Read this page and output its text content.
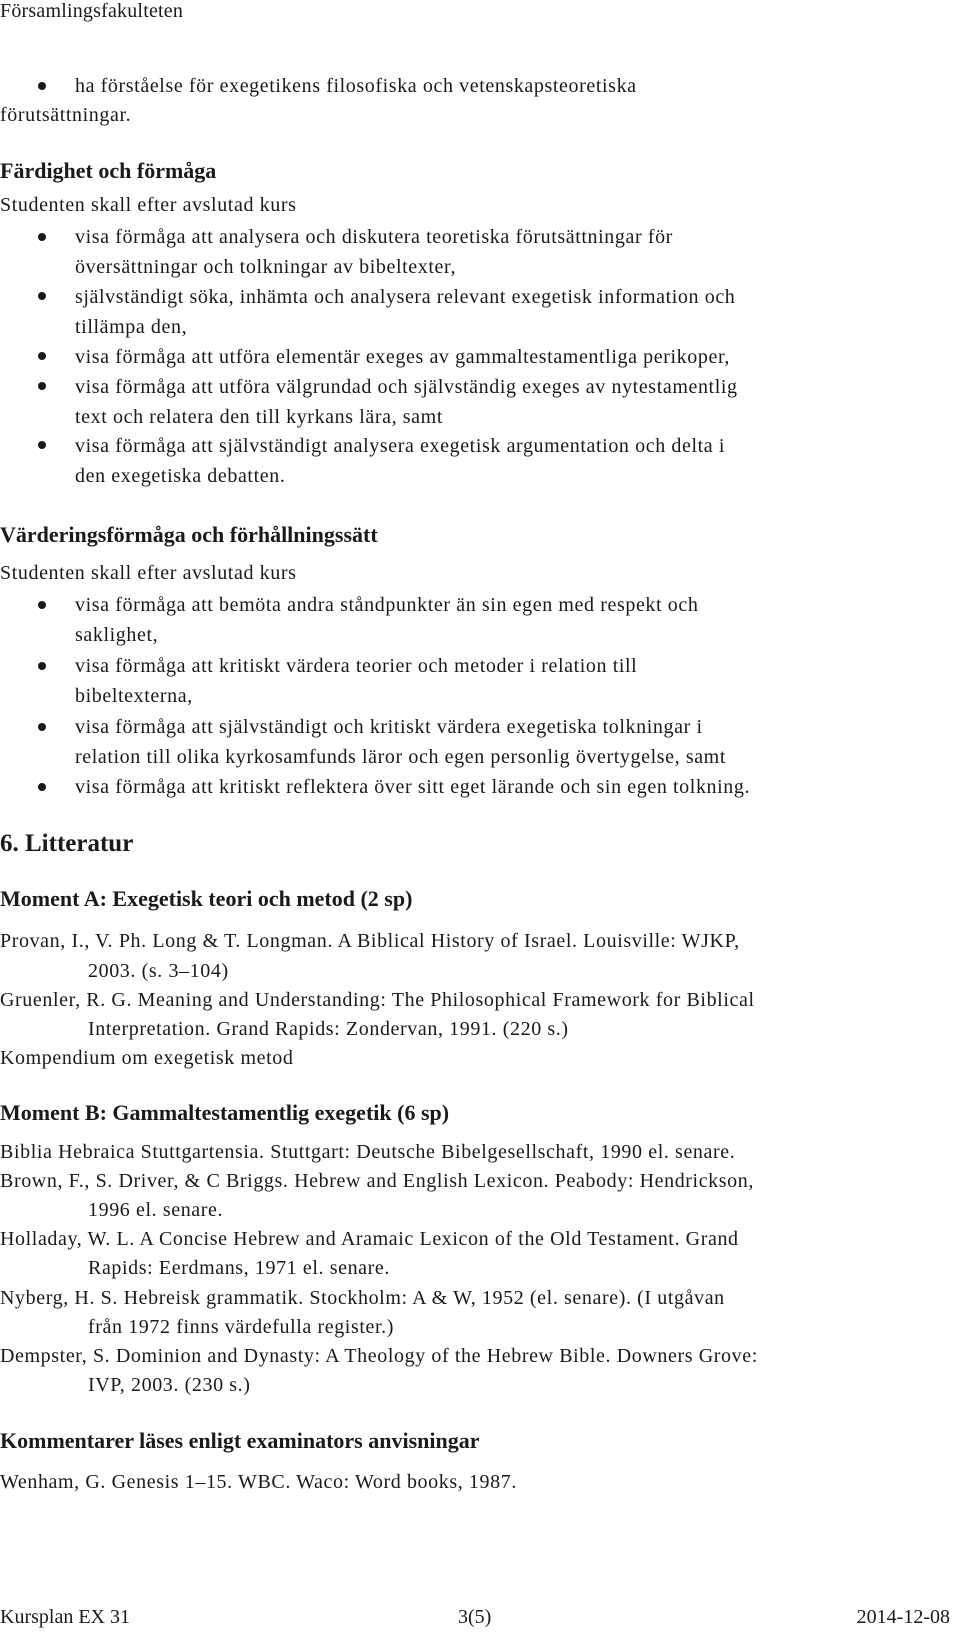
Församlingsfakulteten
ha förståelse för exegetikens filosofiska och vetenskapsteoretiska
förutsättningar.
Färdighet och förmåga
Studenten skall efter avslutad kurs
visa förmåga att analysera och diskutera teoretiska förutsättningar för
översättningar och tolkningar av bibeltexter,
självständigt söka, inhämta och analysera relevant exegetisk information och
tillämpa den,
visa förmåga att utföra elementär exeges av gammaltestamentliga perikoper,
visa förmåga att utföra välgrundad och självständig exeges av nytestamentlig
text och relatera den till kyrkans lära, samt
visa förmåga att självständigt analysera exegetisk argumentation och delta i
den exegetiska debatten.
Värderingsförmåga och förhållningssätt
Studenten skall efter avslutad kurs
visa förmåga att bemöta andra ståndpunkter än sin egen med respekt och
saklighet,
visa förmåga att kritiskt värdera teorier och metoder i relation till
bibeltexterna,
visa förmåga att självständigt och kritiskt värdera exegetiska tolkningar i
relation till olika kyrkosamfunds läror och egen personlig övertygelse, samt
visa förmåga att kritiskt reflektera över sitt eget lärande och sin egen tolkning.
6. Litteratur
Moment A: Exegetisk teori och metod (2 sp)
Provan, I., V. Ph. Long & T. Longman. A Biblical History of Israel. Louisville: WJKP,
2003. (s. 3–104)
Gruenler, R. G. Meaning and Understanding: The Philosophical Framework for Biblical
Interpretation. Grand Rapids: Zondervan, 1991. (220 s.)
Kompendium om exegetisk metod
Moment B: Gammaltestamentlig exegetik (6 sp)
Biblia Hebraica Stuttgartensia. Stuttgart: Deutsche Bibelgesellschaft, 1990 el. senare.
Brown, F., S. Driver, & C Briggs. Hebrew and English Lexicon. Peabody: Hendrickson,
1996 el. senare.
Holladay, W. L. A Concise Hebrew and Aramaic Lexicon of the Old Testament. Grand
Rapids: Eerdmans, 1971 el. senare.
Nyberg, H. S. Hebreisk grammatik. Stockholm: A & W, 1952 (el. senare). (I utgåvan
från 1972 finns värdefulla register.)
Dempster, S. Dominion and Dynasty: A Theology of the Hebrew Bible. Downers Grove:
IVP, 2003. (230 s.)
Kommentarer läses enligt examinators anvisningar
Wenham, G. Genesis 1–15. WBC. Waco: Word books, 1987.
Kursplan EX 31	3(5)	2014-12-08
